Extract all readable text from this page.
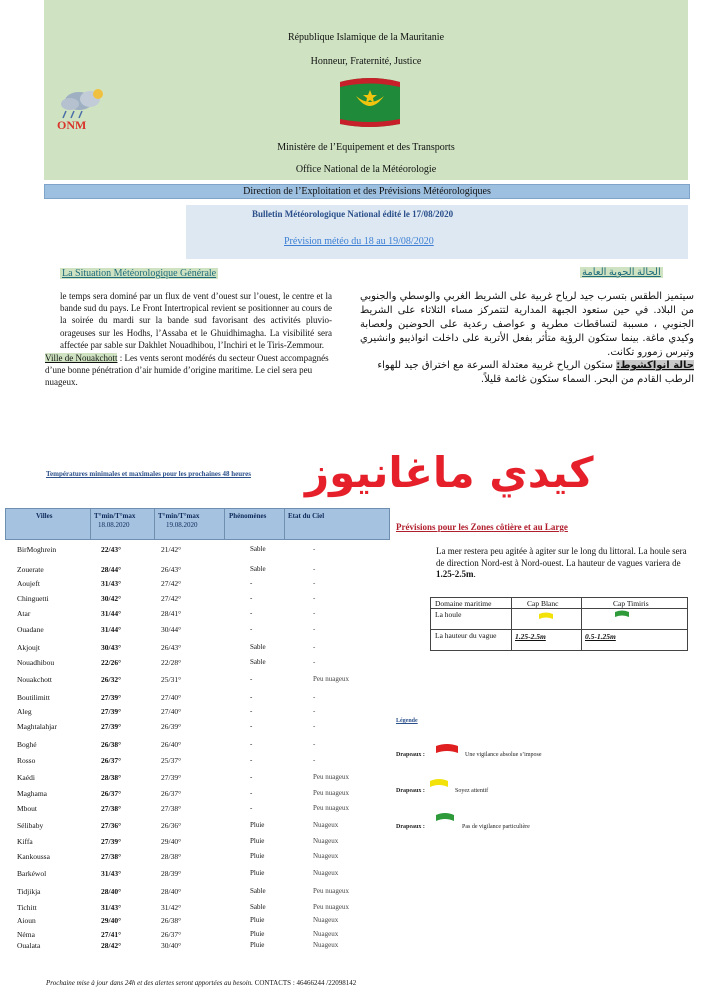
République Islamique de la Mauritanie
Honneur, Fraternité, Justice
ONM
Ministère de l’Equipement et des Transports
Office National de la Météorologie
Direction de l’Exploitation et des Prévisions Météorologiques
Bulletin Météorologique National édité le 17/08/2020
Prévision météo du 18 au 19/08/2020
La Situation Météorologique Générale	الحالة الجوية العامة
le temps sera dominé par un flux de vent d’ouest sur l’ouest, le centre et la bande sud du pays. Le Front Intertropical revient se positionner au cours de la soirée du mardi sur la bande sud favorisant des activités pluvio-orageuses sur les Hodhs, l’Assaba et le Ghuidhimagha. La visibilité sera affectée par sable sur Dakhlet Nouadhibou, l’Inchiri et le Tiris-Zemmour.
سيتميز الطقس بتسرب جيد لرياح غربية على الشريط الغربي والوسطي والجنوبي من البلاد. في حين ستعود الجبهة المدارية لتتمركز مساء الثلاثاء على الشريط الجنوبي ، مسببة لتساقطات مطرية و عواصف رعدية على الحوضين ولعصابة وكيدي ماغة. بينما ستكون الرؤية متأثر بفعل الأتربة على داخلت انواذيبو وانشيري وتيرس زمورو تكانت.
Ville de Nouakchott : Les vents seront modérés du secteur Ouest accompagnés d’une bonne pénétration d’air humide d’origine maritime. Le ciel sera peu nuageux.
حالة انواكشوط: ستكون الرياح غربية معتدلة السرعة مع اختراق جيد للهواء الرطب القادم من البحر. السماء ستكون غائمة قليلاً.
Températures minimales et maximales pour les prochaines 48 heures كيدي ماغانيوز
Villes	T°min/T°max
18.08.2020
T°min/T°max
19.08.2020
Phénomènes	Etat du Ciel
BirMoghrein	22/43°	21/42°	Sable	-
Zouerate	28/44°	26/43°	Sable	-
Aoujeft	31/43°	27/42°	-	-
Chinguetti	30/42°	27/42°	-	-
Atar	31/44°	28/41°	-	-
Ouadane	31/44°	30/44°	-	-
Akjoujt	30/43°	26/43°	Sable	-
Nouadhibou	22/26°	22/28°	Sable	-
Nouakchott	26/32°	25/31°	-	Peu nuageux
Boutilimitt	27/39°	27/40°	-	-
Aleg	27/39°	27/40°	-	-
Maghtalahjar	27/39°	26/39°	-	-
Boghé	26/38°	26/40°	-	-
Rosso	26/37°	25/37°	-	-
Kaédi	28/38°	27/39°	-	Peu nuageux
Maghama	26/37°	26/37°	-	Peu nuageux
Mbout	27/38°	27/38°	-	Peu nuageux
Sélibaby	27/36°	26/36°	Pluie	Nuageux
Kiffa	27/39°	29/40°	Pluie	Nuageux
Kankoussa	27/38°	28/38°	Pluie	Nuageux
Barkéwol	31/43°	28/39°	Pluie	Nuageux
Tidjikja	28/40°	28/40°	Sable	Peu nuageux
Tichitt	31/43°	31/42°	Sable	Peu nuageux
Aioun	29/40°	26/38°	Pluie	Nuageux
Néma	27/41°	26/37°	Pluie	Nuageux
Oualata	28/42°	30/40°	Pluie	Nuageux
Prévisions pour les Zones côtière et au Large
La mer restera peu agitée à agiter sur le long du littoral. La houle sera de direction Nord-est à Nord-ouest. La hauteur de vagues variera de 1.25-2.5m.
Domaine maritime	Cap Blanc	Cap Timiris
La houle
La hauteur du vague	1.25-2.5m	0.5-1.25m
Légende
Drapeaux :	Une vigilance absolue s’impose
Drapeaux :	Soyez attentif
Drapeaux :	Pas de vigilance particulière
Prochaine mise à jour dans 24h et des alertes seront apportées au besoin. CONTACTS : 46466244 /22098142
